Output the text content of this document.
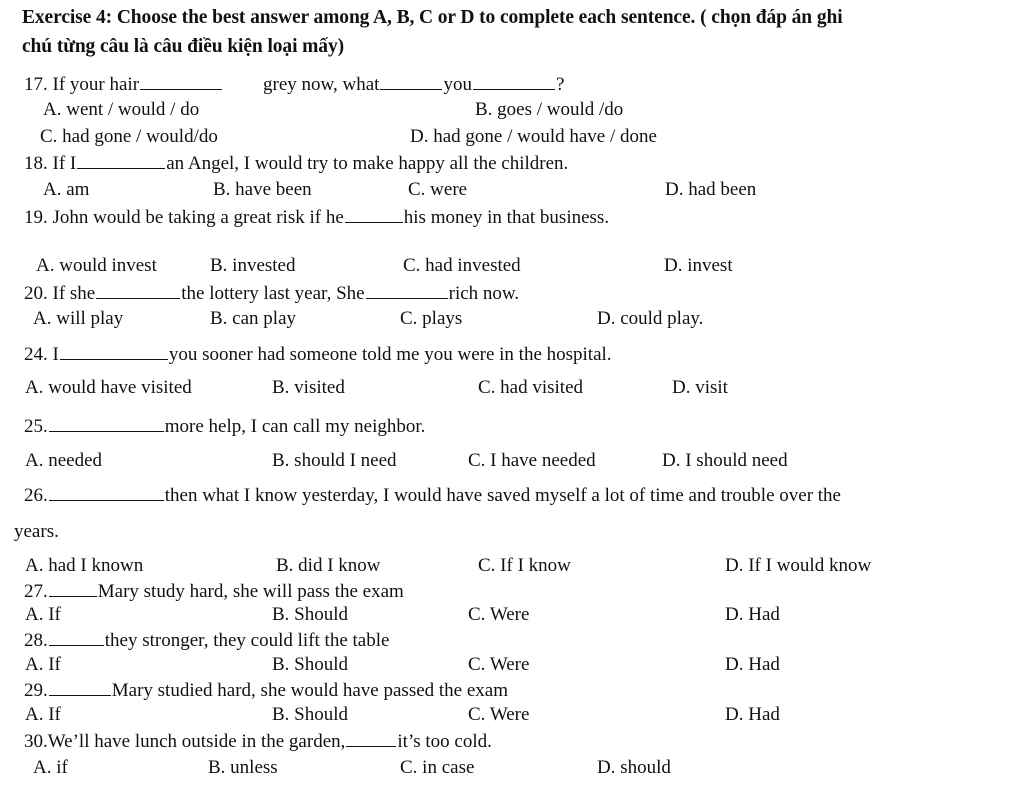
Exercise 4: Choose the best answer among A, B, C or D to complete each sentence. ( chọn đáp án ghi
chú từng câu là câu điều kiện loại mấy)
17. If your hair	grey now, what	you	?
A. went / would / do	B. goes / would /do
C. had gone / would/do	D. had gone / would have / done
18. If I	an Angel, I would try to make happy all the children.
A. am	B. have been	C. were	D. had been
19. John would be taking a great risk if he	his money in that business.
A. would invest	B. invested	C. had invested	D. invest
20. If she	the lottery last year, She	rich now.
A. will play	B. can play	C. plays	D. could play.
24. I	you sooner had someone told me you were in the hospital.
A. would have visited	B. visited	C. had visited	D. visit
25.	more help, I can call my neighbor.
A. needed	B. should I need	C. I have needed	D. I should need
26.	then what I know yesterday, I would have saved myself a lot of time and trouble over the
years.
A. had I known	B. did I know	C. If I know	D. If I would know
27.	Mary study hard, she will pass the exam
A. If	B. Should	C. Were	D. Had
28.	they stronger, they could lift the table
A. If	B. Should	C. Were	D. Had
29.	Mary studied hard, she would have passed the exam
A. If	B. Should	C. Were	D. Had
30.We’ll have lunch outside in the garden,	it’s too cold.
A. if	B. unless	C. in case	D. should
